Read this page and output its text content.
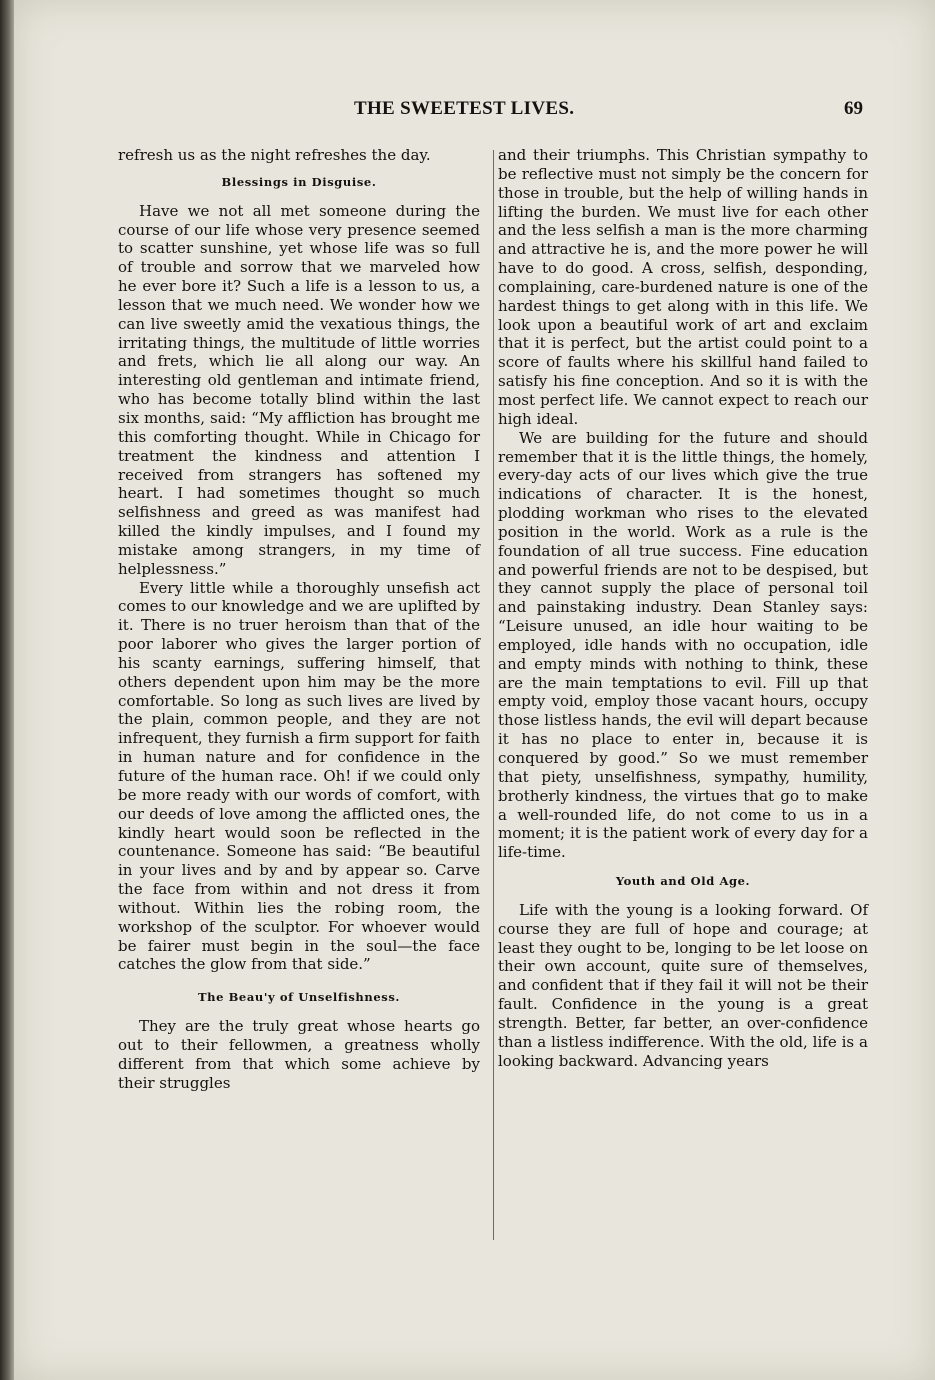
THE SWEETEST LIVES.	69

refresh us as the night refreshes the day.

Blessings in Disguise.

Have we not all met someone during the course of our life whose very presence seemed to scatter sunshine, yet whose life was so full of trouble and sorrow that we marveled how he ever bore it? Such a life is a lesson to us, a lesson that we much need. We wonder how we can live sweetly amid the vexatious things, the irritating things, the multitude of little worries and frets, which lie all along our way. An interesting old gentleman and intimate friend, who has become totally blind within the last six months, said: “My affliction has brought me this comforting thought. While in Chicago for treatment the kindness and attention I received from strangers has softened my heart. I had sometimes thought so much selfishness and greed as was manifest had killed the kindly impulses, and I found my mistake among strangers, in my time of helplessness.”

Every little while a thoroughly unsefish act comes to our knowledge and we are uplifted by it. There is no truer heroism than that of the poor laborer who gives the larger portion of his scanty earnings, suffering himself, that others dependent upon him may be the more comfortable. So long as such lives are lived by the plain, common people, and they are not infrequent, they furnish a firm support for faith in human nature and for confidence in the future of the human race. Oh! if we could only be more ready with our words of comfort, with our deeds of love among the afflicted ones, the kindly heart would soon be reflected in the countenance. Someone has said: “Be beautiful in your lives and by and by appear so. Carve the face from within and not dress it from without. Within lies the robing room, the workshop of the sculptor. For whoever would be fairer must begin in the soul—the face catches the glow from that side.”

The Beau'y of Unselfishness.

They are the truly great whose hearts go out to their fellowmen, a greatness wholly different from that which some achieve by their struggles

and their triumphs. This Christian sympathy to be reflective must not simply be the concern for those in trouble, but the help of willing hands in lifting the burden. We must live for each other and the less selfish a man is the more charming and attractive he is, and the more power he will have to do good. A cross, selfish, desponding, complaining, care-burdened nature is one of the hardest things to get along with in this life. We look upon a beautiful work of art and exclaim that it is perfect, but the artist could point to a score of faults where his skillful hand failed to satisfy his fine conception. And so it is with the most perfect life. We cannot expect to reach our high ideal.

We are building for the future and should remember that it is the little things, the homely, every-day acts of our lives which give the true indications of character. It is the honest, plodding workman who rises to the elevated position in the world. Work as a rule is the foundation of all true success. Fine education and powerful friends are not to be despised, but they cannot supply the place of personal toil and painstaking industry. Dean Stanley says: “Leisure unused, an idle hour waiting to be employed, idle hands with no occupation, idle and empty minds with nothing to think, these are the main temptations to evil. Fill up that empty void, employ those vacant hours, occupy those listless hands, the evil will depart because it has no place to enter in, because it is conquered by good.” So we must remember that piety, unselfishness, sympathy, humility, brotherly kindness, the virtues that go to make a well-rounded life, do not come to us in a moment; it is the patient work of every day for a life-time.

Youth and Old Age.

Life with the young is a looking forward. Of course they are full of hope and courage; at least they ought to be, longing to be let loose on their own account, quite sure of themselves, and confident that if they fail it will not be their fault. Confidence in the young is a great strength. Better, far better, an over-confidence than a listless indifference. With the old, life is a looking backward. Advancing years
